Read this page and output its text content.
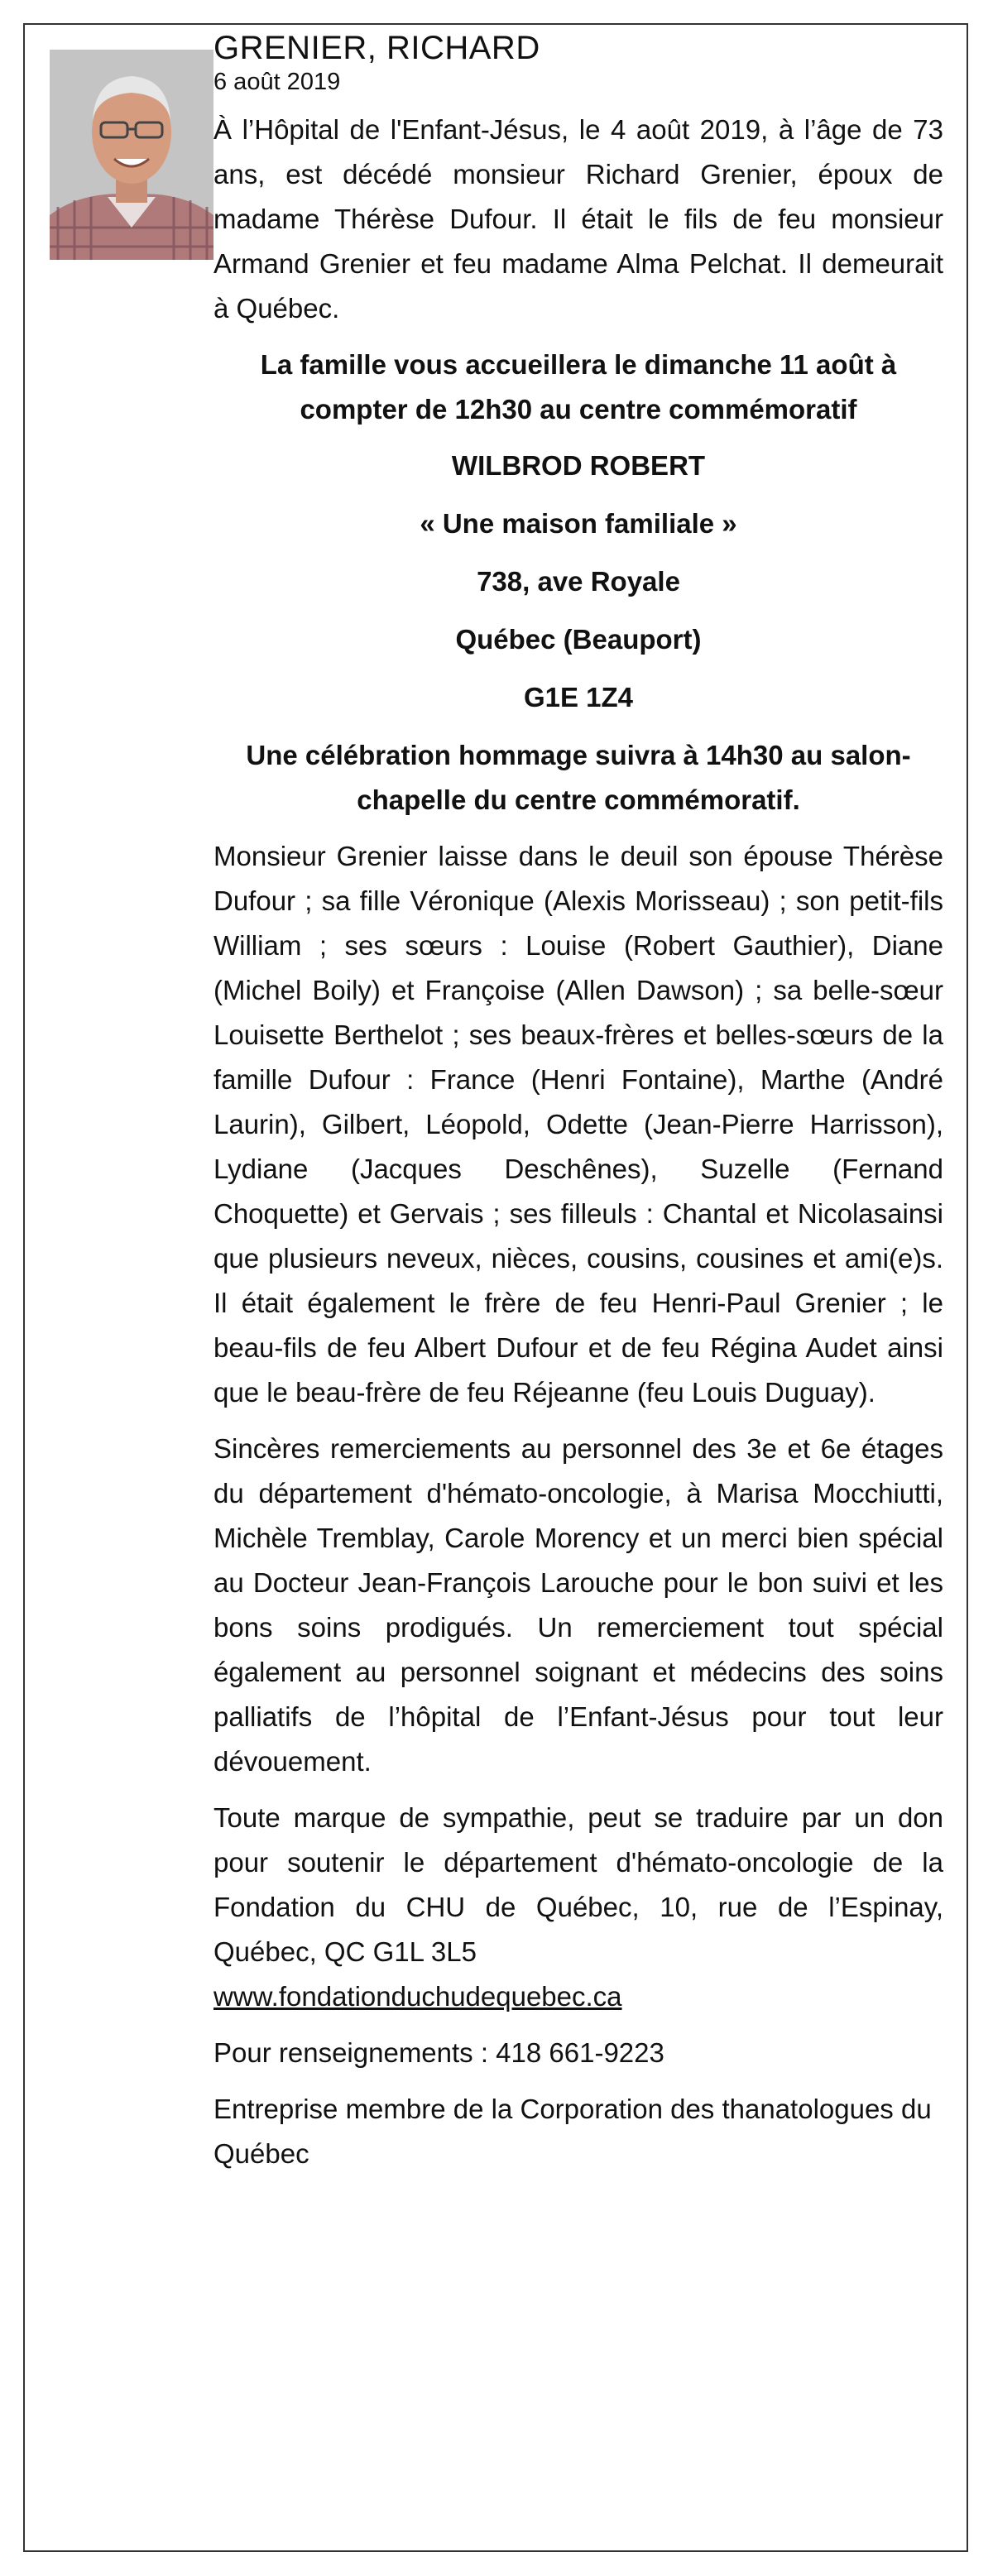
GRENIER, RICHARD
6 août 2019

À l’Hôpital de l'Enfant-Jésus, le 4 août 2019, à l’âge de 73 ans, est décédé monsieur Richard Grenier, époux de madame Thérèse Dufour. Il était le fils de feu monsieur Armand Grenier et feu madame Alma Pelchat. Il demeurait à Québec.

La famille vous accueillera le dimanche 11 août à compter de 12h30 au centre commémoratif

WILBROD ROBERT

« Une maison familiale »

738, ave Royale

Québec (Beauport)

G1E 1Z4

Une célébration hommage suivra à 14h30 au salon-chapelle du centre commémoratif.

Monsieur Grenier laisse dans le deuil son épouse Thérèse Dufour ; sa fille Véronique (Alexis Morisseau) ; son petit-fils William ; ses sœurs : Louise (Robert Gauthier), Diane (Michel Boily) et Françoise (Allen Dawson) ; sa belle-sœur Louisette Berthelot ; ses beaux-frères et belles-sœurs de la famille Dufour : France (Henri Fontaine), Marthe (André Laurin), Gilbert, Léopold, Odette (Jean-Pierre Harrisson), Lydiane (Jacques Deschênes), Suzelle (Fernand Choquette) et Gervais ; ses filleuls : Chantal et Nicolasainsi que plusieurs neveux, nièces, cousins, cousines et ami(e)s. Il était également le frère de feu Henri-Paul Grenier ; le beau-fils de feu Albert Dufour et de feu Régina Audet ainsi que le beau-frère de feu Réjeanne (feu Louis Duguay).

Sincères remerciements au personnel des 3e et 6e étages du département d'hémato-oncologie, à Marisa Mocchiutti, Michèle Tremblay, Carole Morency et un merci bien spécial au Docteur Jean-François Larouche pour le bon suivi et les bons soins prodigués. Un remerciement tout spécial également au personnel soignant et médecins des soins palliatifs de l’hôpital de l’Enfant-Jésus pour tout leur dévouement.

Toute marque de sympathie, peut se traduire par un don pour soutenir le département d'hémato-oncologie de la Fondation du CHU de Québec, 10, rue de l’Espinay, Québec, QC G1L 3L5

www.fondationduchudequebec.ca

Pour renseignements : 418 661-9223

Entreprise membre de la Corporation des thanatologues du Québec
